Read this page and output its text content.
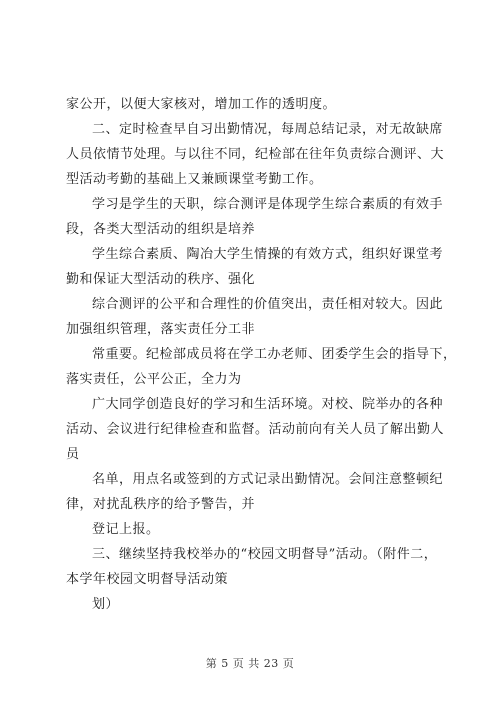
家公开，以便大家核对，增加工作的透明度。
二、定时检查早自习出勤情况，每周总结记录，对无故缺席
人员依情节处理。与以往不同，纪检部在往年负责综合测评、大
型活动考勤的基础上又兼顾课堂考勤工作。
学习是学生的天职，综合测评是体现学生综合素质的有效手
段，各类大型活动的组织是培养
学生综合素质、陶冶大学生情操的有效方式，组织好课堂考
勤和保证大型活动的秩序、强化
综合测评的公平和合理性的价值突出，责任相对较大。因此
加强组织管理，落实责任分工非
常重要。纪检部成员将在学工办老师、团委学生会的指导下，
落实责任，公平公正，全力为
广大同学创造良好的学习和生活环境。对校、院举办的各种
活动、会议进行纪律检查和监督。活动前向有关人员了解出勤人
员
名单，用点名或签到的方式记录出勤情况。会间注意整顿纪
律，对扰乱秩序的给予警告，并
登记上报。
三、继续坚持我校举办的“校园文明督导”活动。（附件二，
本学年校园文明督导活动策
划）
第 5 页 共 23 页
